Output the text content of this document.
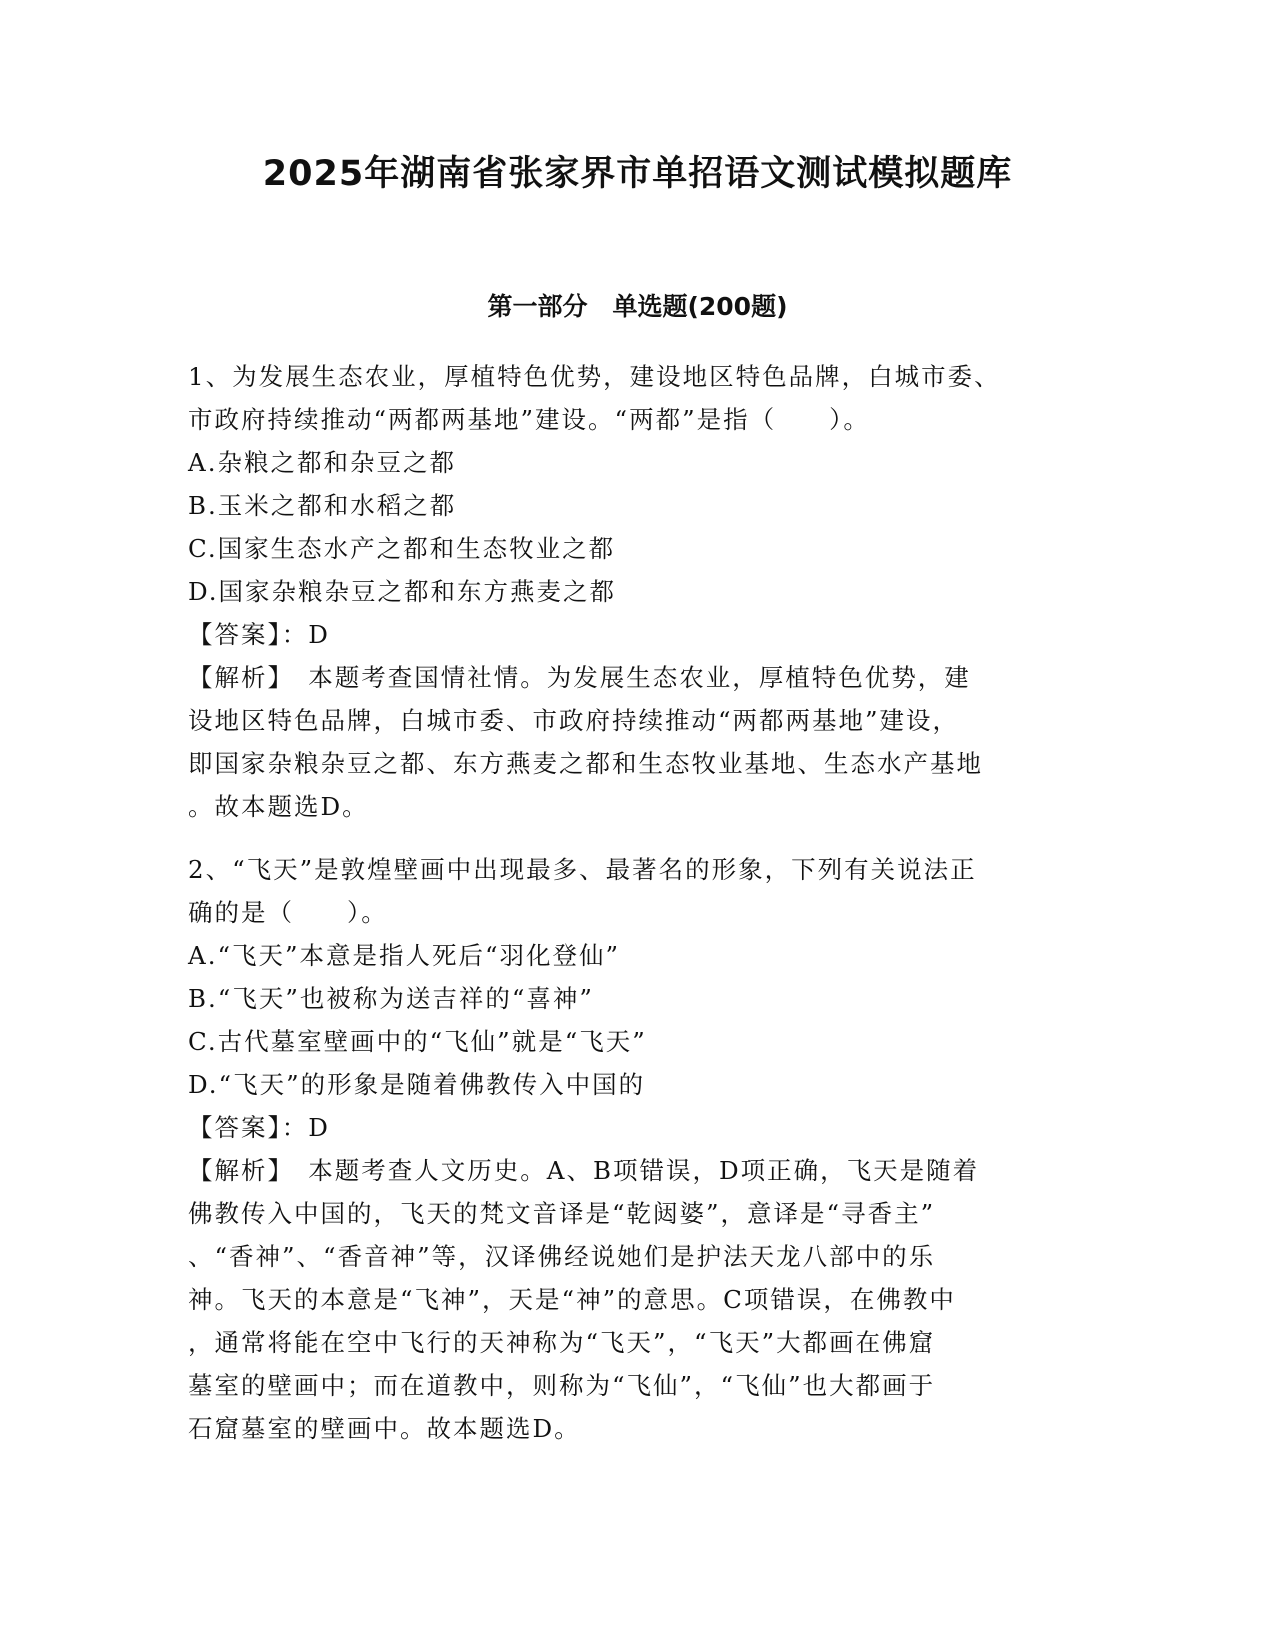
2025年湖南省张家界市单招语文测试模拟题库
第一部分　单选题(200题)

1、为发展生态农业，厚植特色优势，建设地区特色品牌，白城市委、

市政府持续推动“两都两基地”建设。“两都”是指（　　）。

A.杂粮之都和杂豆之都

B.玉米之都和水稻之都

C.国家生态水产之都和生态牧业之都

D.国家杂粮杂豆之都和东方燕麦之都

【答案】：D

【解析】　本题考查国情社情。为发展生态农业，厚植特色优势，建

设地区特色品牌，白城市委、市政府持续推动“两都两基地”建设，

即国家杂粮杂豆之都、东方燕麦之都和生态牧业基地、生态水产基地

。故本题选D。

2、“飞天”是敦煌壁画中出现最多、最著名的形象，下列有关说法正

确的是（　　）。

A.“飞天”本意是指人死后“羽化登仙”

B.“飞天”也被称为送吉祥的“喜神”

C.古代墓室壁画中的“飞仙”就是“飞天”

D.“飞天”的形象是随着佛教传入中国的

【答案】：D

【解析】　本题考查人文历史。A、B项错误，D项正确，飞天是随着

佛教传入中国的，飞天的梵文音译是“乾闼婆”，意译是“寻香主”

、“香神”、“香音神”等，汉译佛经说她们是护法天龙八部中的乐

神。飞天的本意是“飞神”，天是“神”的意思。C项错误，在佛教中

，通常将能在空中飞行的天神称为“飞天”，“飞天”大都画在佛窟

墓室的壁画中；而在道教中，则称为“飞仙”，“飞仙”也大都画于

石窟墓室的壁画中。故本题选D。
